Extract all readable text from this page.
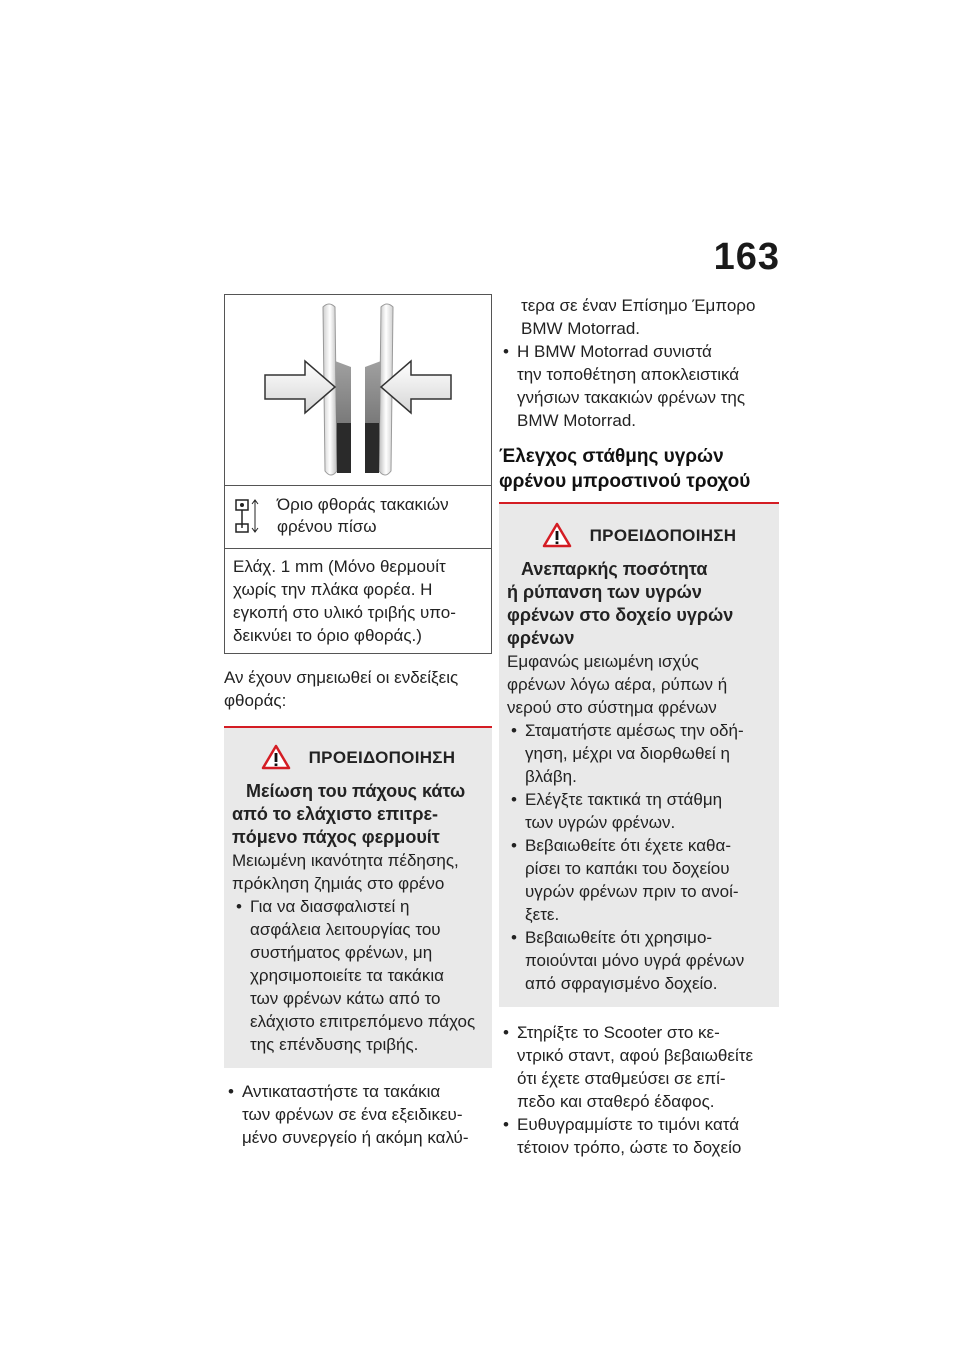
163
Όριο φθοράς τακακιών
φρένου πίσω
Ελάχ. 1 mm (Μόνο θερμουίτ
χωρίς την πλάκα φορέα. Η
εγκοπή στο υλικό τριβής υπο-
δεικνύει το όριο φθοράς.)
Αν έχουν σημειωθεί οι ενδείξεις
φθοράς:
ΠΡΟΕΙΔΟΠΟΙΗΣΗ
Μείωση του πάχους κάτω
από το ελάχιστο επιτρε-
πόμενο πάχος φερμουίτ
Μειωμένη ικανότητα πέδησης,
πρόκληση ζημιάς στο φρένο
• Για να διασφαλιστεί η
ασφάλεια λειτουργίας του
συστήματος φρένων, μη
χρησιμοποιείτε τα τακάκια
των φρένων κάτω από το
ελάχιστο επιτρεπόμενο πάχος
της επένδυσης τριβής.
• Αντικαταστήστε τα τακάκια
των φρένων σε ένα εξειδικευ-
μένο συνεργείο ή ακόμη καλύ-
τερα σε έναν Επίσημο Έμπορο
BMW Motorrad.
• Η BMW Motorrad συνιστά
την τοποθέτηση αποκλειστικά
γνήσιων τακακιών φρένων της
BMW Motorrad.
Έλεγχος στάθμης υγρών
φρένου μπροστινού τροχού
ΠΡΟΕΙΔΟΠΟΙΗΣΗ
Ανεπαρκής ποσότητα
ή ρύπανση των υγρών
φρένων στο δοχείο υγρών
φρένων
Εμφανώς μειωμένη ισχύς
φρένων λόγω αέρα, ρύπων ή
νερού στο σύστημα φρένων
• Σταματήστε αμέσως την οδή-
γηση, μέχρι να διορθωθεί η
βλάβη.
• Ελέγξτε τακτικά τη στάθμη
των υγρών φρένων.
• Βεβαιωθείτε ότι έχετε καθα-
ρίσει το καπάκι του δοχείου
υγρών φρένων πριν το ανοί-
ξετε.
• Βεβαιωθείτε ότι χρησιμο-
ποιούνται μόνο υγρά φρένων
από σφραγισμένο δοχείο.
• Στηρίξτε το Scooter στο κε-
ντρικό σταντ, αφού βεβαιωθείτε
ότι έχετε σταθμεύσει σε επί-
πεδο και σταθερό έδαφος.
• Ευθυγραμμίστε το τιμόνι κατά
τέτοιον τρόπο, ώστε το δοχείο
